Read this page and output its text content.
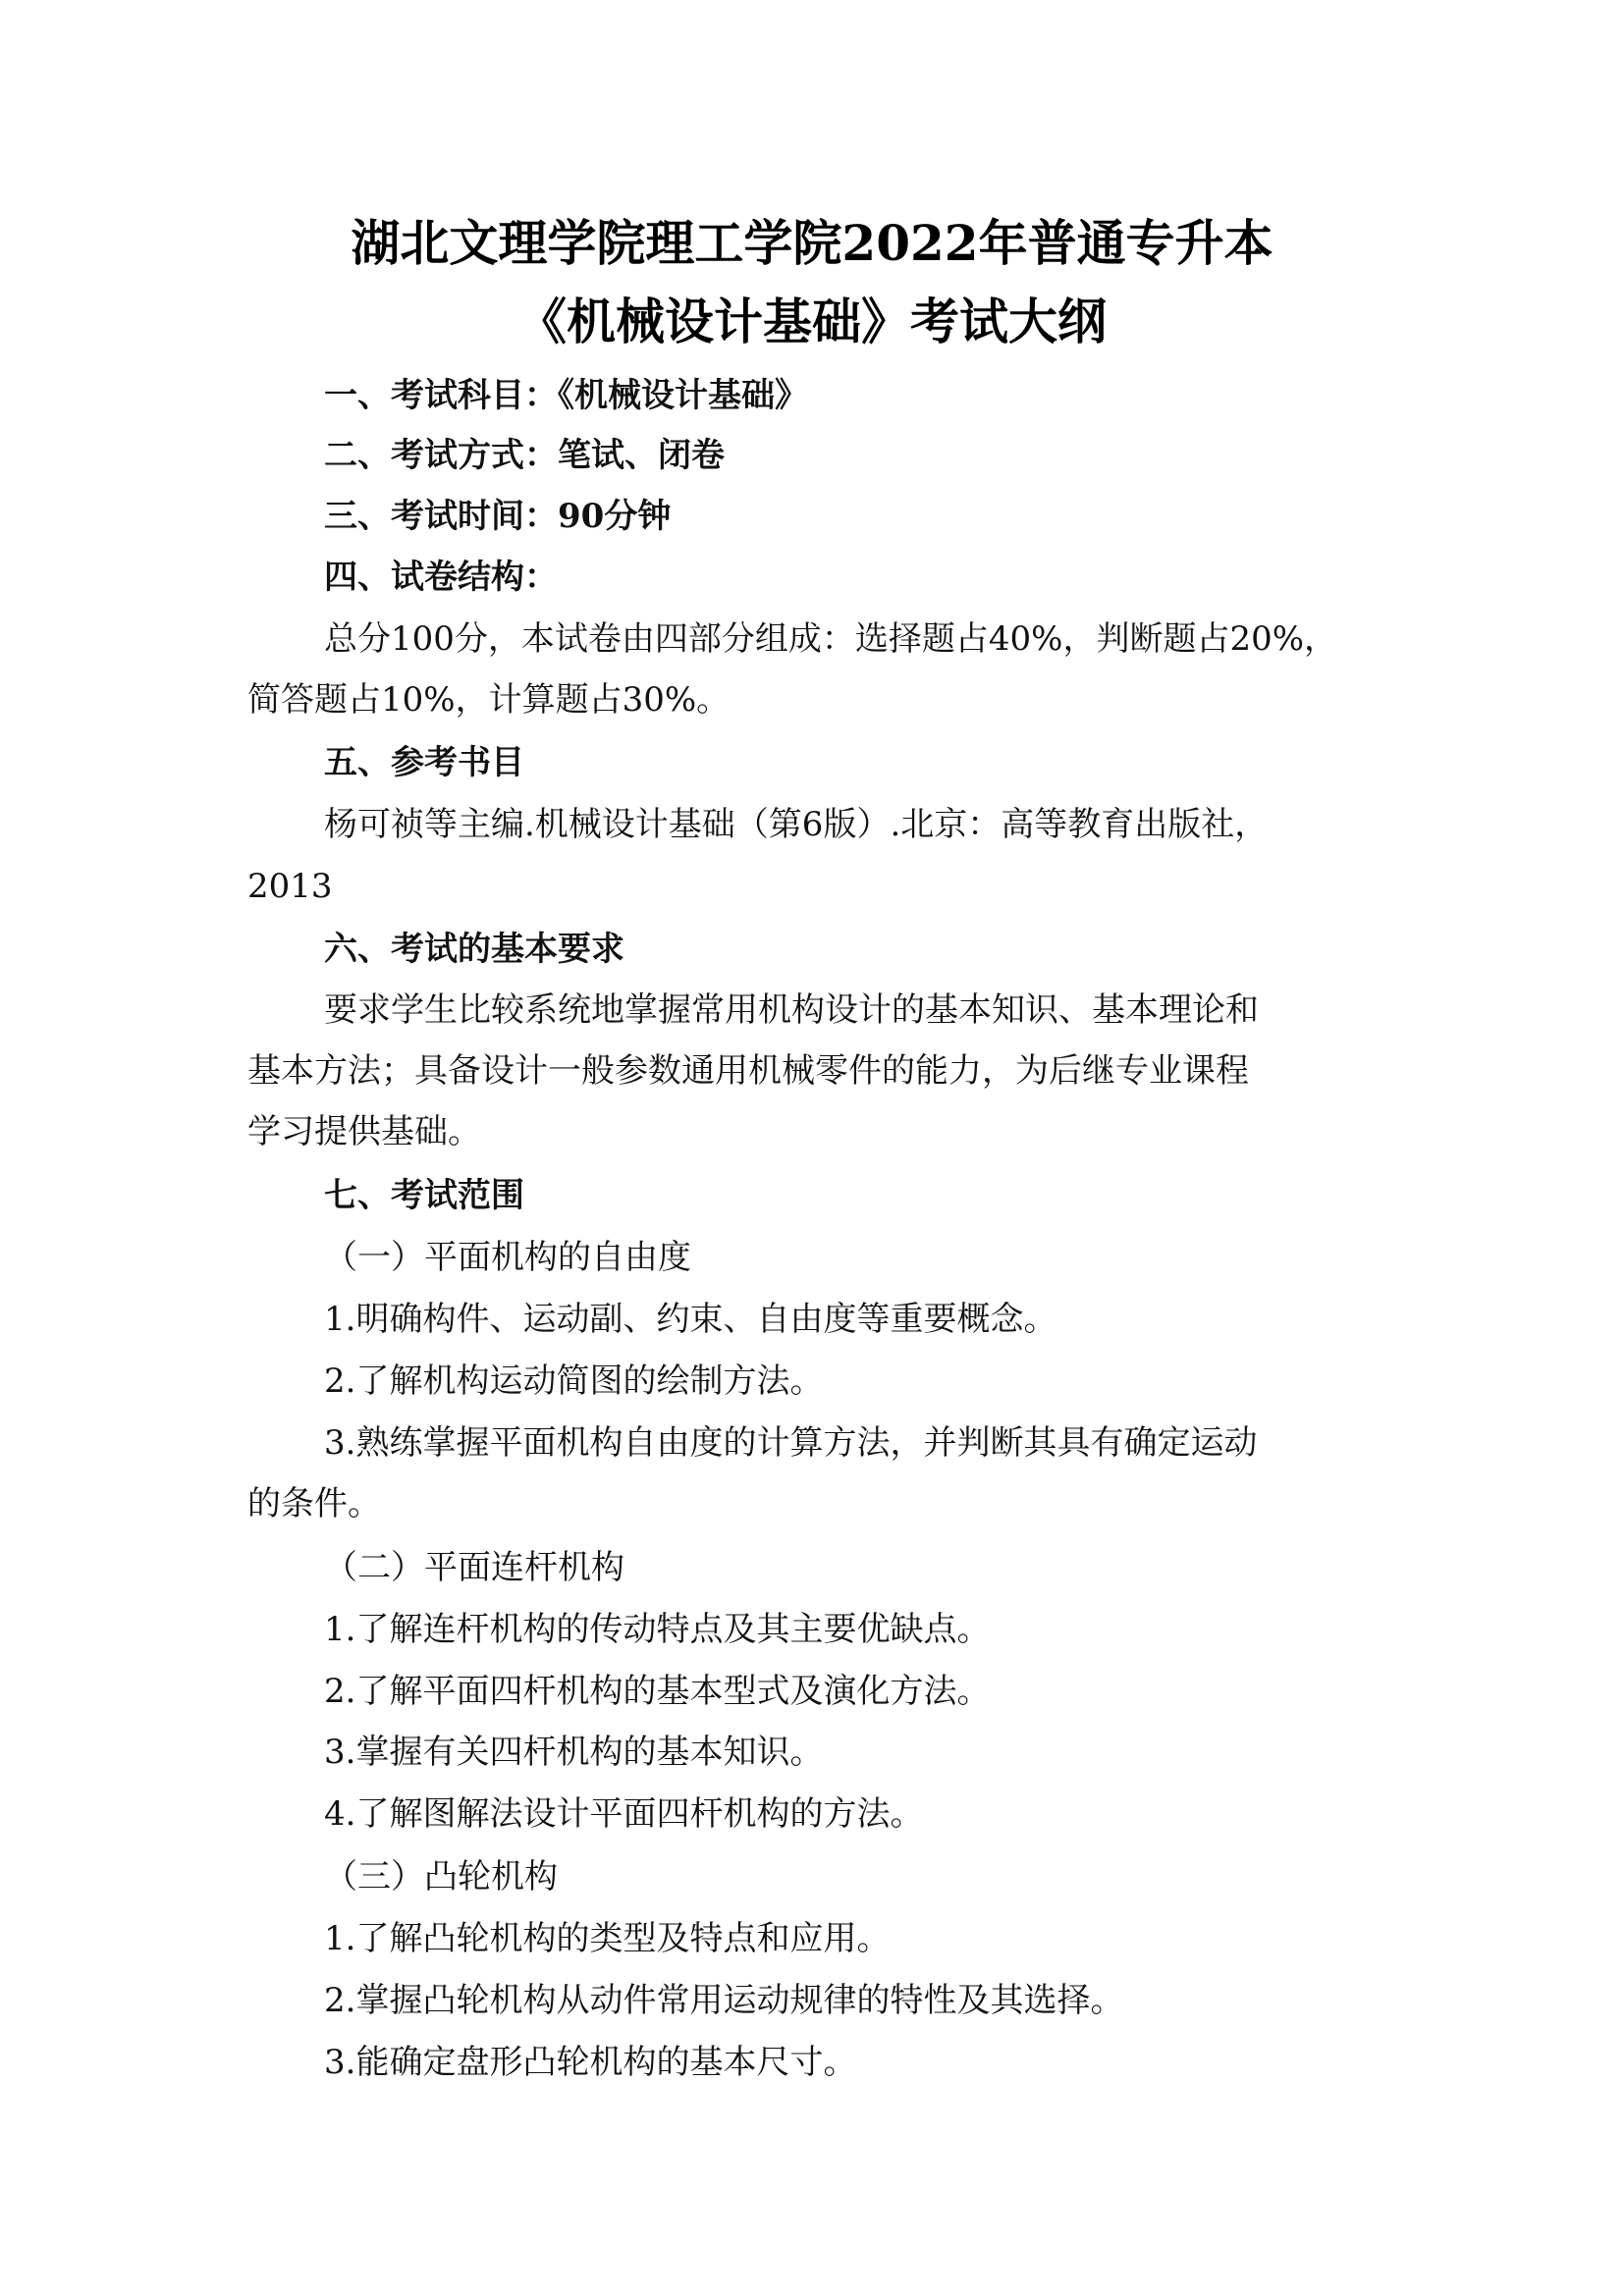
湖北文理学院理工学院2022年普通专升本
《机械设计基础》考试大纲
一、考试科目：《机械设计基础》
二、考试方式：笔试、闭卷
三、考试时间：90分钟
四、试卷结构：
总分100分，本试卷由四部分组成：选择题占40%，判断题占20%，
简答题占10%，计算题占30%。
五、参考书目
杨可祯等主编.机械设计基础（第6版）.北京：高等教育出版社，
2013
六、考试的基本要求
要求学生比较系统地掌握常用机构设计的基本知识、基本理论和
基本方法；具备设计一般参数通用机械零件的能力，为后继专业课程
学习提供基础。
七、考试范围
（一）平面机构的自由度
1.明确构件、运动副、约束、自由度等重要概念。
2.了解机构运动简图的绘制方法。
3.熟练掌握平面机构自由度的计算方法，并判断其具有确定运动
的条件。
（二）平面连杆机构
1.了解连杆机构的传动特点及其主要优缺点。
2.了解平面四杆机构的基本型式及演化方法。
3.掌握有关四杆机构的基本知识。
4.了解图解法设计平面四杆机构的方法。
（三）凸轮机构
1.了解凸轮机构的类型及特点和应用。
2.掌握凸轮机构从动件常用运动规律的特性及其选择。
3.能确定盘形凸轮机构的基本尺寸。
